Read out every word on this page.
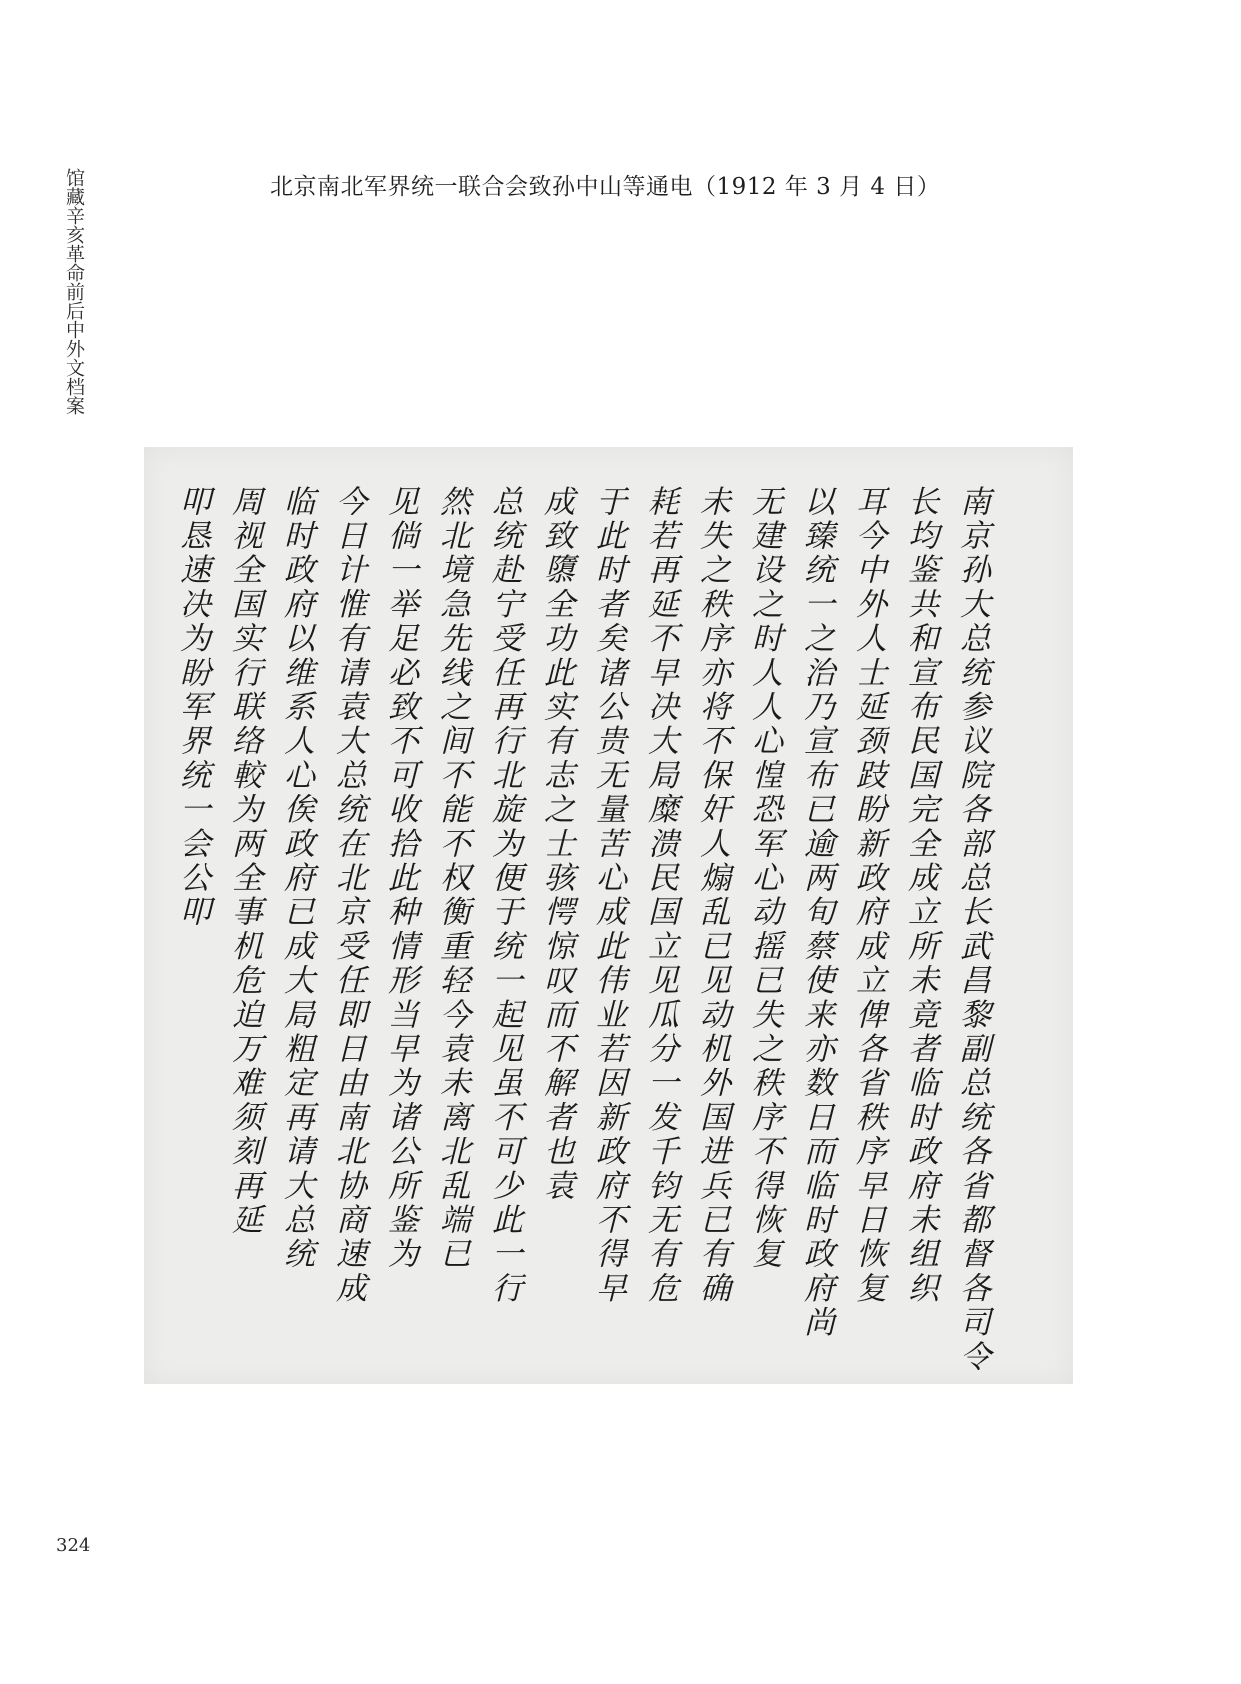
馆藏辛亥革命前后中外文档案	北京南北军界统一联合会致孙中山等通电（1912 年 3 月 4 日）
南京孙大总统参议院各部总长武昌黎副总统各省都督各司令
长均鉴共和宣布民国完全成立所未竟者临时政府未组织
耳今中外人士延颈跂盼新政府成立俾各省秩序早日恢复
以臻统一之治乃宣布已逾两旬蔡使来亦数日而临时政府尚
无建设之时人人心惶恐军心动摇已失之秩序不得恢复
未失之秩序亦将不保奸人煽乱已见动机外国进兵已有确
耗若再延不早决大局糜溃民国立见瓜分一发千钧无有危
于此时者矣诸公贵无量苦心成此伟业若因新政府不得早
成致隳全功此实有志之士骇愕惊叹而不解者也袁
总统赴宁受任再行北旋为便于统一起见虽不可少此一行
然北境急先线之间不能不权衡重轻今袁未离北乱端已
见倘一举足必致不可收拾此种情形当早为诸公所鉴为
今日计惟有请袁大总统在北京受任即日由南北协商速成
临时政府以维系人心俟政府已成大局粗定再请大总统
周视全国实行联络較为两全事机危迫万难须刻再延
叩恳速决为盼军界统一会公叩
324
